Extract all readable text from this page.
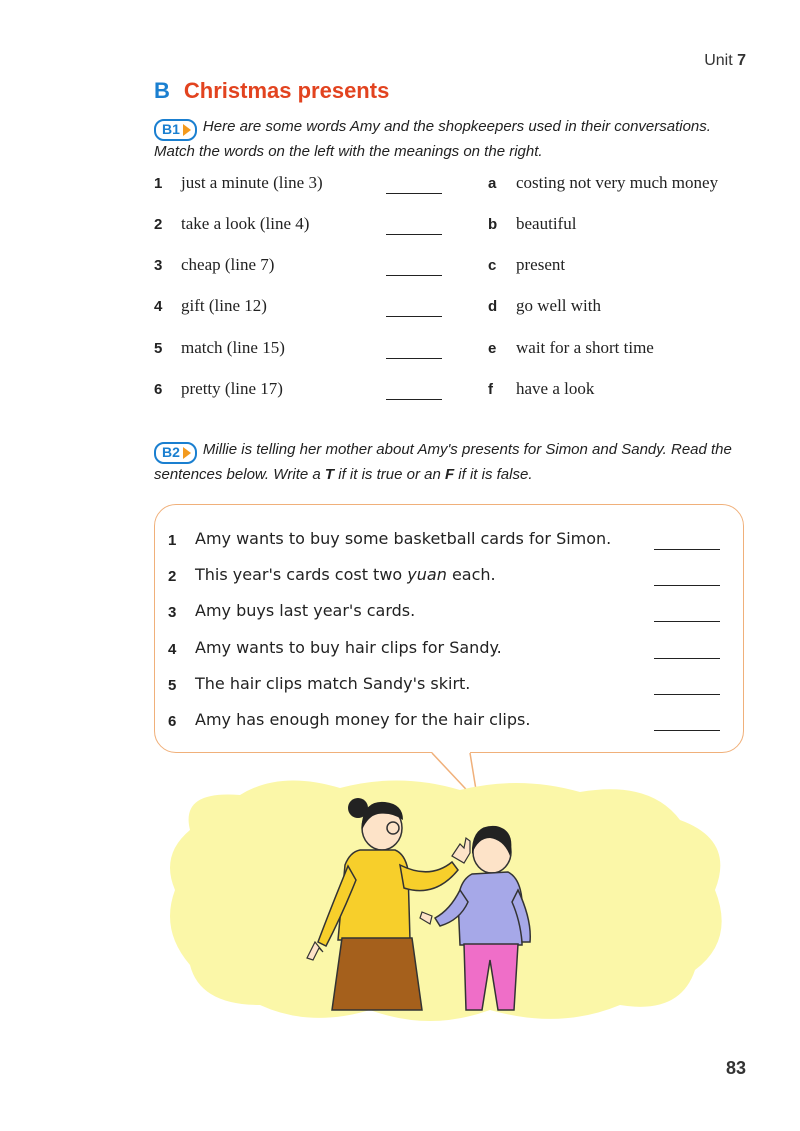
Unit 7
B Christmas presents
B1 Here are some words Amy and the shopkeepers used in their conversations. Match the words on the left with the meanings on the right.
1 just a minute (line 3)	a costing not very much money
2 take a look (line 4)	b beautiful
3 cheap (line 7)	c present
4 gift (line 12)	d go well with
5 match (line 15)	e wait for a short time
6 pretty (line 17)	f have a look
B2 Millie is telling her mother about Amy's presents for Simon and Sandy. Read the sentences below. Write a T if it is true or an F if it is false.
1 Amy wants to buy some basketball cards for Simon.
2 This year's cards cost two yuan each.
3 Amy buys last year's cards.
4 Amy wants to buy hair clips for Sandy.
5 The hair clips match Sandy's skirt.
6 Amy has enough money for the hair clips.
83
